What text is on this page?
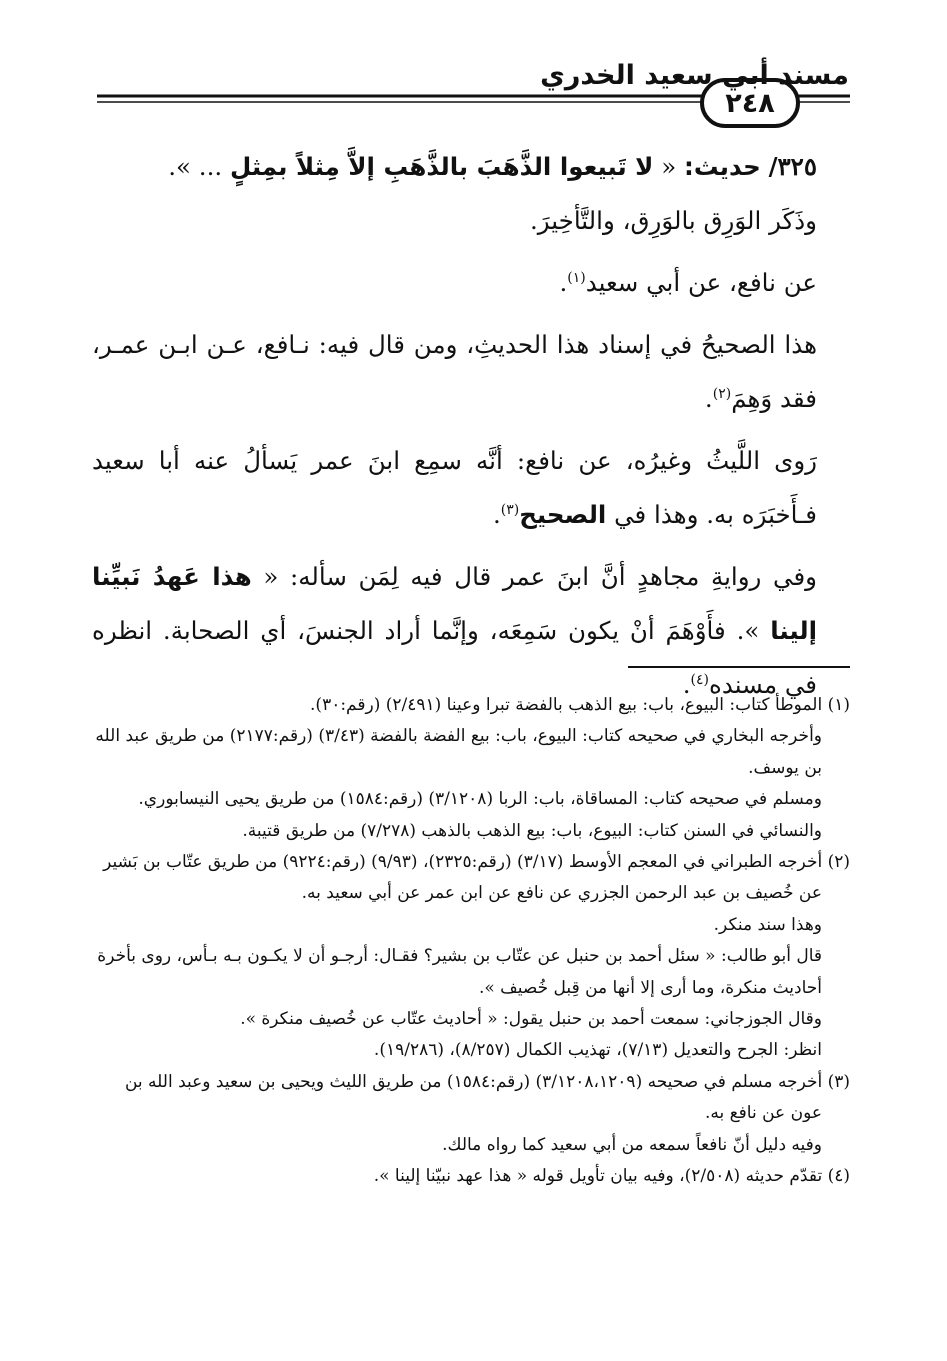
مسند أبي سعيد الخدري
٢٤٨

٣٢٥/ حديث: « لا تَبيعوا الذَّهَبَ بالذَّهَبِ إلاَّ مِثلاً بمِثلٍ ... ».
وذَكَر الوَرِق بالوَرِق، والتَّأخِيرَ.

عن نافع، عن أبي سعيد$^{(١)}$.

هذا الصحيحُ في إسناد هذا الحديثِ، ومن قال فيه: نـافع، عـن ابـن عمـر، فقد وَهِمَ$^{(٢)}$.

رَوى اللَّيثُ وغيرُه، عن نافع: أنَّه سمِع ابنَ عمر يَسألُ عنه أبا سعيد فـأَخبَرَه به. وهذا في الصحيح$^{(٣)}$.

وفي روايةِ مجاهدٍ أنَّ ابنَ عمر قال فيه لِمَن سأله: « هذا عَهدُ نَبيِّنا إلينا ». فأَوْهَمَ أنْ يكون سَمِعَه، وإنَّما أراد الجنسَ، أي الصحابة. انظره في مسنده$^{(٤)}$.

(١) الموطأ كتاب: البيوع، باب: بيع الذهب بالفضة تبرا وعينا (٢/٤٩١) (رقم:٣٠).

وأخرجه البخاري في صحيحه كتاب: البيوع، باب: بيع الفضة بالفضة (٣/٤٣) (رقم:٢١٧٧) من طريق عبد الله بن يوسف.

ومسلم في صحيحه كتاب: المساقاة، باب: الربا (٣/١٢٠٨) (رقم:١٥٨٤) من طريق يحيى النيسابوري.

والنسائي في السنن كتاب: البيوع، باب: بيع الذهب بالذهب (٧/٢٧٨) من طريق قتيبة.

(٢) أخرجه الطبراني في المعجم الأوسط (٣/١٧) (رقم:٢٣٢٥)، (٩/٩٣) (رقم:٩٢٢٤) من طريق عتّاب بن بَشير عن خُصيف بن عبد الرحمن الجزري عن نافع عن ابن عمر عن أبي سعيد به.

وهذا سند منكر.

قال أبو طالب: « سئل أحمد بن حنبل عن عتّاب بن بشير؟ فقـال: أرجـو أن لا يكـون بـه بـأس، روى بأخرة أحاديث منكرة، وما أرى إلا أنها من قِبل خُصيف ».

وقال الجوزجاني: سمعت أحمد بن حنبل يقول: « أحاديث عتّاب عن خُصيف منكرة ».

انظر: الجرح والتعديل (٧/١٣)، تهذيب الكمال (٨/٢٥٧)، (١٩/٢٨٦).

(٣) أخرجه مسلم في صحيحه (٣/١٢٠٨،١٢٠٩) (رقم:١٥٨٤) من طريق الليث ويحيى بن سعيد وعبد الله بن عون عن نافع به.

وفيه دليل أنّ نافعاً سمعه من أبي سعيد كما رواه مالك.

(٤) تقدّم حديثه (٢/٥٠٨)، وفيه بيان تأويل قوله « هذا عهد نبيّنا إلينا ».
